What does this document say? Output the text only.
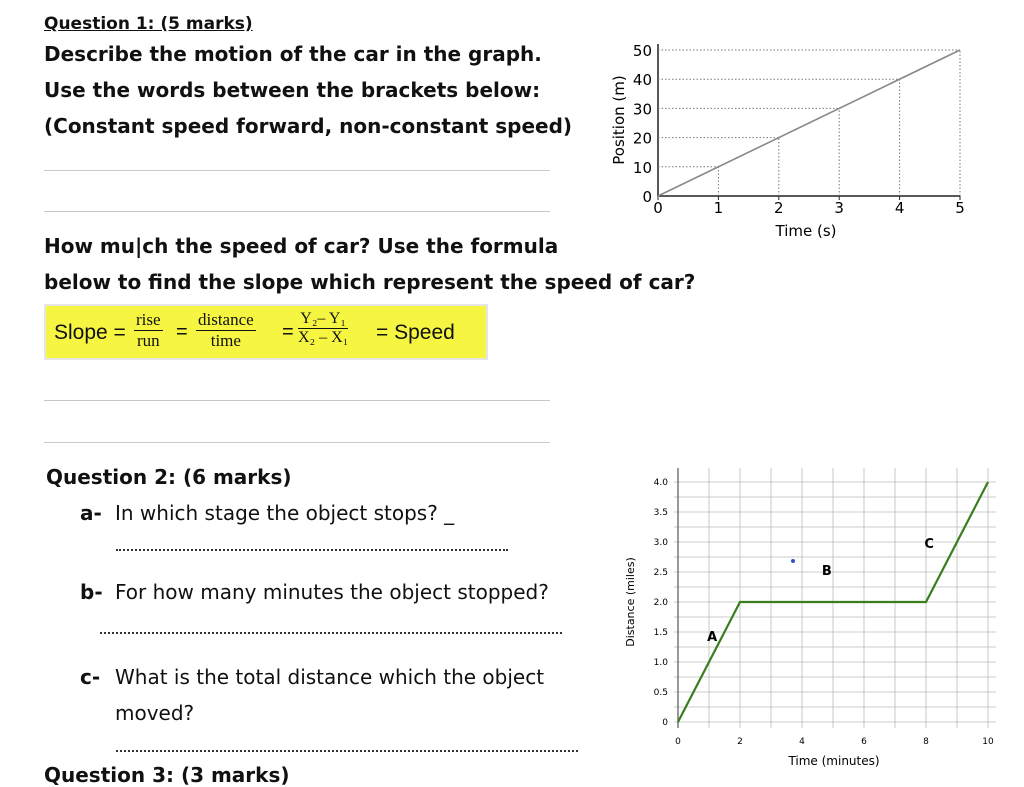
Question 1: (5 marks)
Describe the motion of the car in the graph.
Use the words between the brackets below:
(Constant speed forward, non-constant speed)
How mu|ch the speed of car? Use the formula
below to find the slope which represent the speed of car?
Slope =
rise
run =
distance
time	= $\frac{\text{Y₂– Y₁}}{\text{X₂ – X₁}}$ = Speed
Question 2: (6 marks)
a- In which stage the object stops? _
b- For how many minutes the object stopped?
c- What is the total distance which the object
moved?
Question 3: (3 marks)
0
10
20
30
40
50
0	1	2	3	4	5
Position (m)
Time (s)
0
0.5
1.0
1.5
2.0
2.5
3.0
3.5
4.0
0	2	4	6	8	10
Distance (miles)
Time (minutes)
A
B
C
